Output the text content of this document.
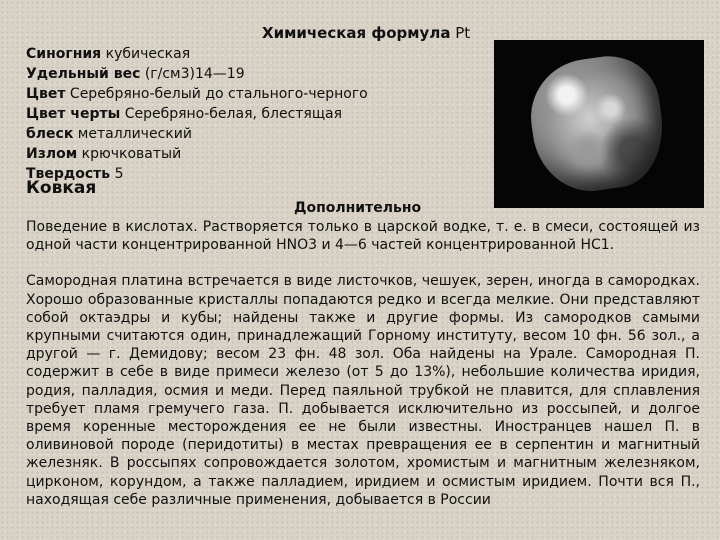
Химическая формула Pt
Синогния кубическая
Удельный вес (г/см3)14—19
Цвет Серебряно-белый до стального-черного
Цвет черты Серебряно-белая, блестящая
блеск металлический
Излом крючковатый
Твердость 5
Ковкая
Дополнительно

Поведение в кислотах. Растворяется только в царской водке, т. е. в смеси, состоящей из одной части концентрированной HNO3 и 4—6 частей концентрированной HC1.

Самородная платина встречается в виде листочков, чешуек, зерен, иногда в самородках. Хорошо образованные кристаллы попадаются редко и всегда мелкие. Они представляют собой октаэдры и кубы; найдены также и другие формы. Из самородков самыми крупными считаются один, принадлежащий Горному институту, весом 10 фн. 56 зол., а другой — г. Демидову; весом 23 фн. 48 зол. Оба найдены на Урале. Самородная П. содержит в себе в виде примеси железо (от 5 до 13%), небольшие количества иридия, родия, палладия, осмия и меди. Перед паяльной трубкой не плавится, для сплавления требует пламя гремучего газа. П. добывается исключительно из россыпей, и долгое время коренные месторождения ее не были известны. Иностранцев нашел П. в оливиновой породе (перидотиты) в местах превращения ее в серпентин и магнитный железняк. В россыпях сопровождается золотом, хромистым и магнитным железняком, цирконом, корундом, а также палладием, иридием и осмистым иридием. Почти вся П., находящая себе различные применения, добывается в России
